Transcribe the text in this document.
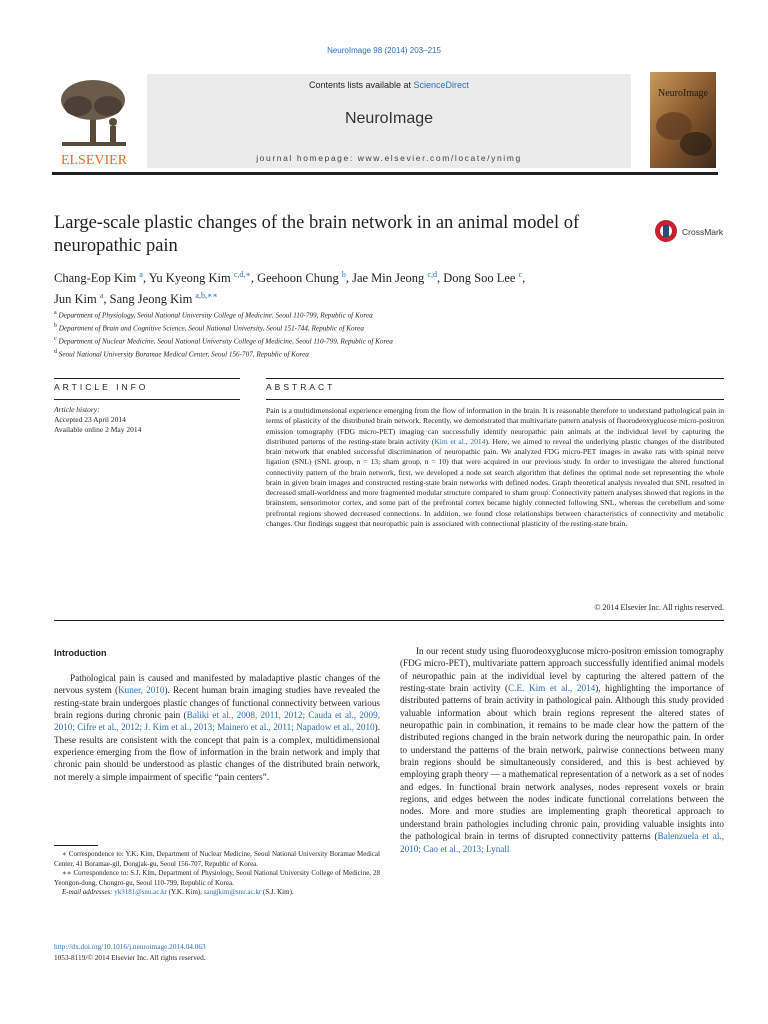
NeuroImage 98 (2014) 203–215
Contents lists available at ScienceDirect
NeuroImage
journal homepage: www.elsevier.com/locate/ynimg
ELSEVIER
NeuroImage
Large-scale plastic changes of the brain network in an animal model of neuropathic pain
CrossMark
Chang-Eop Kim $^a$, Yu Kyeong Kim $^{c,d,∗}$, Geehoon Chung $^b$, Jae Min Jeong $^{c,d}$, Dong Soo Lee $^c$,
Jun Kim $^a$, Sang Jeong Kim $^{a,b,∗∗}$
$^a$ Department of Physiology, Seoul National University College of Medicine, Seoul 110-799, Republic of Korea
$^b$ Department of Brain and Cognitive Science, Seoul National University, Seoul 151-744, Republic of Korea
$^c$ Department of Nuclear Medicine, Seoul National University College of Medicine, Seoul 110-799, Republic of Korea
$^d$ Seoul National University Boramae Medical Center, Seoul 156-707, Republic of Korea
ARTICLE INFO	ABSTRACT
Article history:
Accepted 23 April 2014
Available online 2 May 2014
Pain is a multidimensional experience emerging from the flow of information in the brain. It is reasonable therefore to understand pathological pain in terms of plasticity of the distributed brain network. Recently, we demonstrated that multivariate pattern analysis of fluorodeoxyglucose micro-positron emission tomography (FDG micro-PET) imaging can successfully identify neuropathic pain animals at the individual level by capturing the distributed patterns of the resting-state brain activity (Kim et al., 2014). Here, we aimed to reveal the underlying plastic changes of the distributed brain network that enabled successful discrimination of neuropathic pain. We analyzed FDG micro-PET images in awake rats with spinal nerve ligation (SNL) (SNL group, n = 13; sham group, n = 10) that were acquired in our previous study. In order to investigate the altered functional connectivity pattern of the brain network, first, we developed a node set search algorithm that defines the optimal node set representing the whole brain in given brain images and constructed resting-state brain networks with defined nodes. Graph theoretical analysis revealed that SNL resulted in decreased small-worldness and more fragmented modular structure compared to sham group. Connectivity pattern analyses showed that regions in the brainstem, sensorimotor cortex, and some part of the prefrontal cortex became highly connected following SNL, whereas the cerebellum and some prefrontal regions showed decreased connections. In addition, we found close relationships between characteristics of connectivity and metabolic changes. Our findings suggest that neuropathic pain is associated with connectional plasticity of the resting-state brain.
© 2014 Elsevier Inc. All rights reserved.
Introduction

Pathological pain is caused and manifested by maladaptive plastic changes of the nervous system (Kuner, 2010). Recent human brain imaging studies have revealed the resting-state brain undergoes plastic changes of functional connectivity between various brain regions during chronic pain (Baliki et al., 2008, 2011, 2012; Cauda et al., 2009, 2010; Cifre et al., 2012; J. Kim et al., 2013; Mainero et al., 2011; Napadow et al., 2010). These results are consistent with the concept that pain is a complex, multidimensional experience emerging from the flow of information in the brain network and imply that chronic pain should be understood as plastic changes of the distributed brain network, not merely a simple impairment of specific “pain centers”.

In our recent study using fluorodeoxyglucose micro-positron emission tomography (FDG micro-PET), multivariate pattern approach successfully identified animal models of neuropathic pain at the individual level by capturing the altered pattern of the resting-state brain activity (C.E. Kim et al., 2014), highlighting the importance of distributed patterns of brain activity in pathological pain. Although this study provided valuable information about which brain regions represent the altered states of neuropathic pain in combination, it remains to be made clear how the pattern of the distributed regions changed in the brain network during the neuropathic pain. In order to understand the patterns of the brain network, pairwise connections between many brain regions should be simultaneously considered, and this is best achieved by employing graph theory — a mathematical representation of a network as a set of nodes and edges. In functional brain network analyses, nodes represent voxels or brain regions, and edges between the nodes indicate functional correlations between the nodes. More and more studies are implementing graph theoretical approach to understand brain pathologies including chronic pain, providing valuable insights into the pathological brain in terms of disrupted connectivity patterns (Balenzuela et al., 2010; Cao et al., 2013; Lynall

∗ Correspondence to: Y.K. Kim, Department of Nuclear Medicine, Seoul National University Boramae Medical Center, 41 Boramae-gil, Dongjak-gu, Seoul 156-707, Republic of Korea.

∗∗ Correspondence to: S.J. Kim, Department of Physiology, Seoul National University College of Medicine, 28 Yeongon-dong, Chongro-gu, Seoul 110-799, Republic of Korea.

E-mail addresses: yk3181@snu.ac.kr (Y.K. Kim), sangjkim@snu.ac.kr (S.J. Kim).

http://dx.doi.org/10.1016/j.neuroimage.2014.04.063
1053-8119/© 2014 Elsevier Inc. All rights reserved.
